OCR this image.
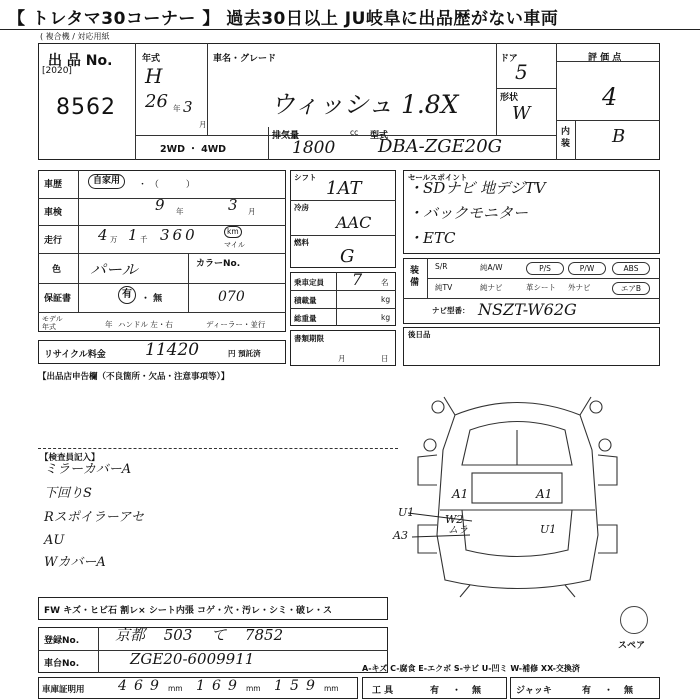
【 トレタマ30コーナー 】 過去30日以上 JU岐阜に出品歴がない車両
( 複合機 / 対応用紙
出 品 No.
[2020]
8562
年式
H
26 年 3
月
車名・グレード
ウィッシュ 1.8X
ドア
5
形状
W
評 価 点
4
内装 B
2WD ・ 4WD
排気量	cc
1800
型式
DBA-ZGE20G
車歴	自家用	・ （　　　）
車検	9 年	3 月
走行 4 万 1 千 360	km
マイル
色 パール	カラーNo.
070
保証書	有	・ 無
モデル年式	年 ハンドル 左・右	ディーラー・並行
リサイクル料金 11420	円 預託済
シフト
1AT
冷房
AAC
燃料
G
乗車定員 7	名
積載量	kg
総重量	kg
書類期限
月	日
セールスポイント
・SDナビ 地デジTV
・バックモニター
・ETC
装備
S/R	純A/W	P/S	P/W	ABS
純TV	純ナビ	革シート 外ナビ	エアB
ナビ型番： NSZT-W62G
後日品
【出品店申告欄（不良箇所・欠品・注意事項等）】
【検査員記入】
ミラーカバーA
下回りS
Rスポイラーアセ
AU
WカバーA
A1	A1
W2
ムラ
U1
A3	U1
スペア
FW キズ・ヒビ石 割レ× シート内張 コゲ・穴・汚レ・シミ・破レ・ス
登録No. 京都 503 て 7852
車台No.	ZGE20-6009911
車庫証明用 4 6 9	1 6 9	1 5 9
mm	mm	mm
A-キズ C-腐食 E-エクボ S-サビ U-凹ミ W-補修 XX-交換済
工 具	有 ・ 無	ジャッキ	有 ・ 無
